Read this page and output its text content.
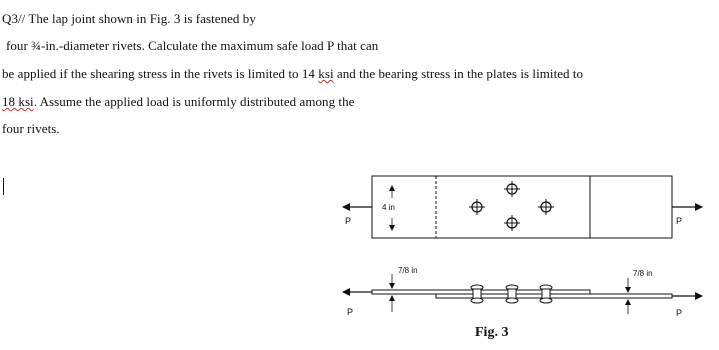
Q3// The lap joint shown in Fig. 3 is fastened by
four ¾-in.-diameter rivets. Calculate the maximum safe load P that can
be applied if the shearing stress in the rivets is limited to 14 ksi and the bearing stress in the plates is limited to
18 ksi. Assume the applied load is uniformly distributed among the
four rivets.
P	P
4 in
P	P
7/8 in	7/8 in
Fig. 3
